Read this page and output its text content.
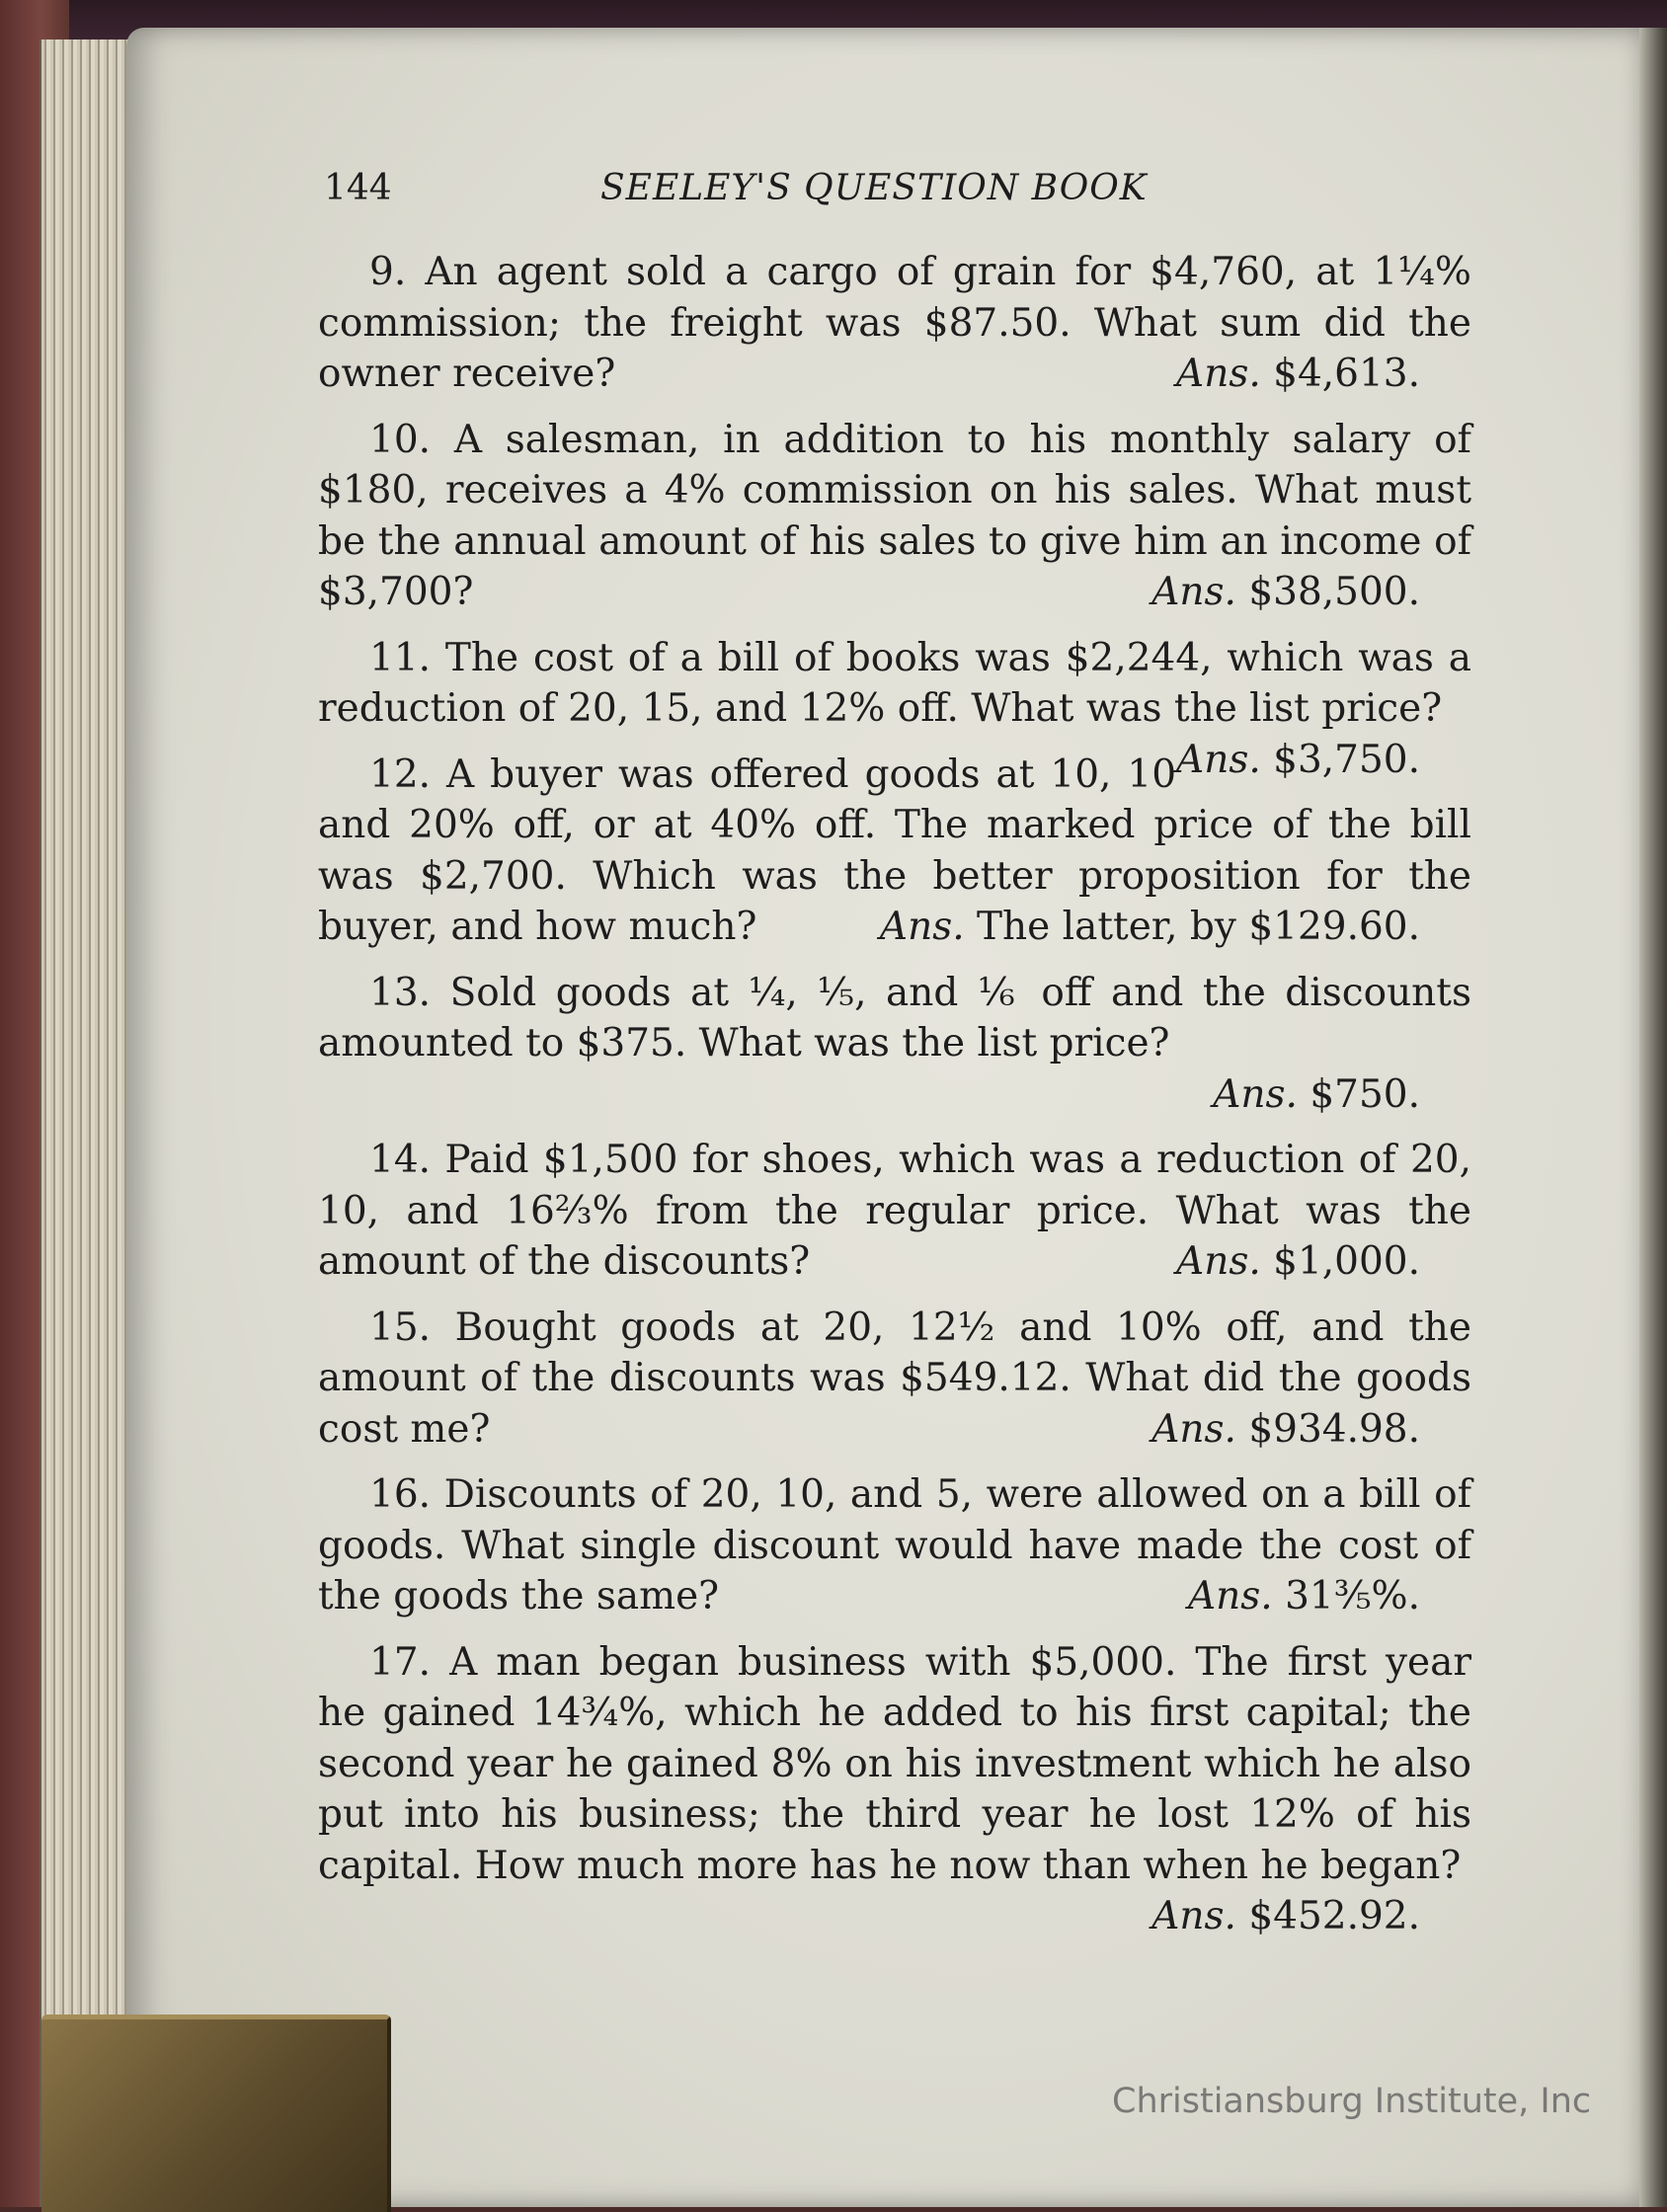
144	SEELEY'S QUESTION BOOK
9. An agent sold a cargo of grain for $4,760, at 1¼% commission; the freight was $87.50. What sum did the owner receive?	Ans. $4,613.
10. A salesman, in addition to his monthly salary of $180, receives a 4% commission on his sales. What must be the annual amount of his sales to give him an income of $3,700?	Ans. $38,500.
11. The cost of a bill of books was $2,244, which was a reduction of 20, 15, and 12% off. What was the list price?
Ans. $3,750.
12. A buyer was offered goods at 10, 10 and 20% off, or at 40% off. The marked price of the bill was $2,700. Which was the better proposition for the buyer, and how much?	Ans. The latter, by $129.60.
13. Sold goods at ¼, ⅕, and ⅙ off and the discounts amounted to $375. What was the list price?
Ans. $750.
14. Paid $1,500 for shoes, which was a reduction of 20, 10, and 16⅔% from the regular price. What was the amount of the discounts?	Ans. $1,000.
15. Bought goods at 20, 12½ and 10% off, and the amount of the discounts was $549.12. What did the goods cost me?	Ans. $934.98.
16. Discounts of 20, 10, and 5, were allowed on a bill of goods. What single discount would have made the cost of the goods the same?	Ans. 31⅗%.
17. A man began business with $5,000. The first year he gained 14¾%, which he added to his first capital; the second year he gained 8% on his investment which he also put into his business; the third year he lost 12% of his capital. How much more has he now than when he began?
Ans. $452.92.
Christiansburg Institute, Inc
